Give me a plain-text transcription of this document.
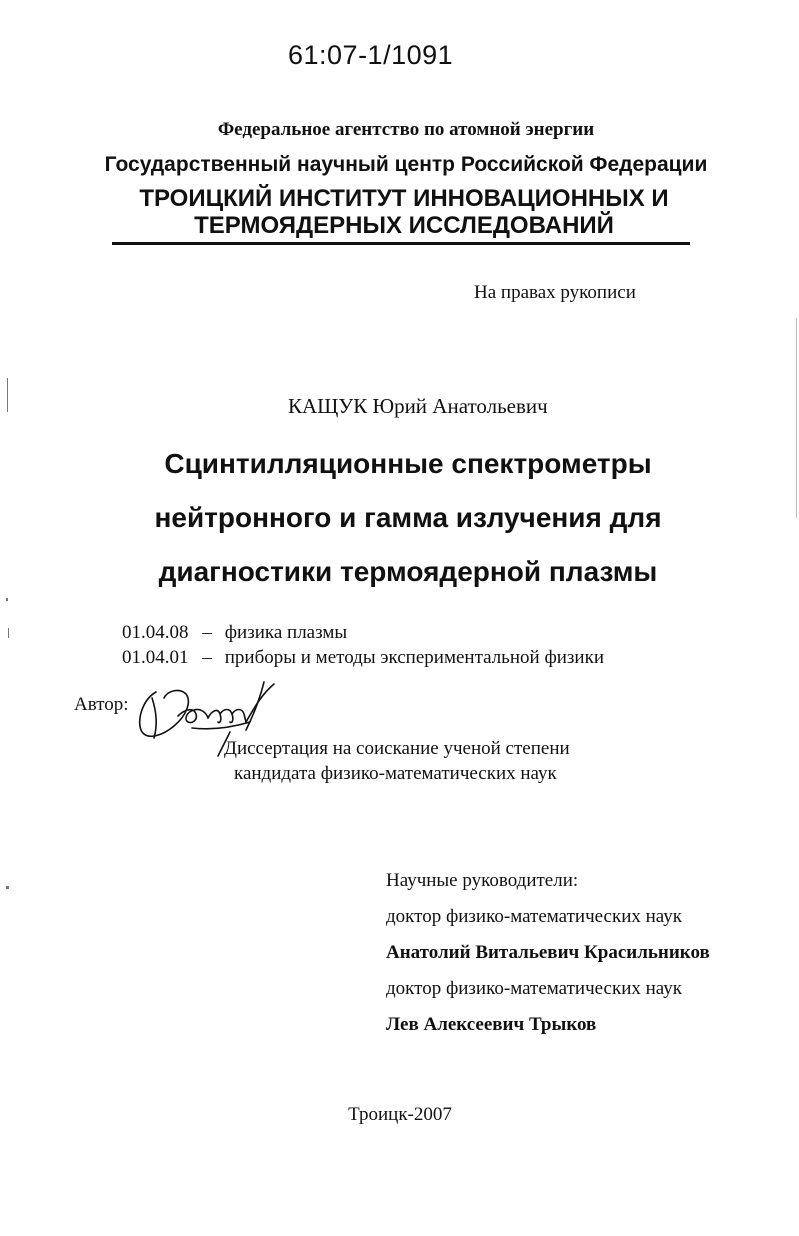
61:07-1/1091
Федеральное агентство по атомной энергии
Государственный научный центр Российской Федерации
ТРОИЦКИЙ ИНСТИТУТ ИННОВАЦИОННЫХ И
ТЕРМОЯДЕРНЫХ ИССЛЕДОВАНИЙ
На правах рукописи
КАЩУК Юрий Анатольевич
Сцинтилляционные спектрометры
нейтронного и гамма излучения для
диагностики термоядерной плазмы
01.04.08 – физика плазмы
01.04.01 – приборы и методы экспериментальной физики
Автор:
Диссертация на соискание ученой степени
кандидата физико-математических наук
Научные руководители:
доктор физико-математических наук
Анатолий Витальевич Красильников
доктор физико-математических наук
Лев Алексеевич Трыков
Троицк-2007
